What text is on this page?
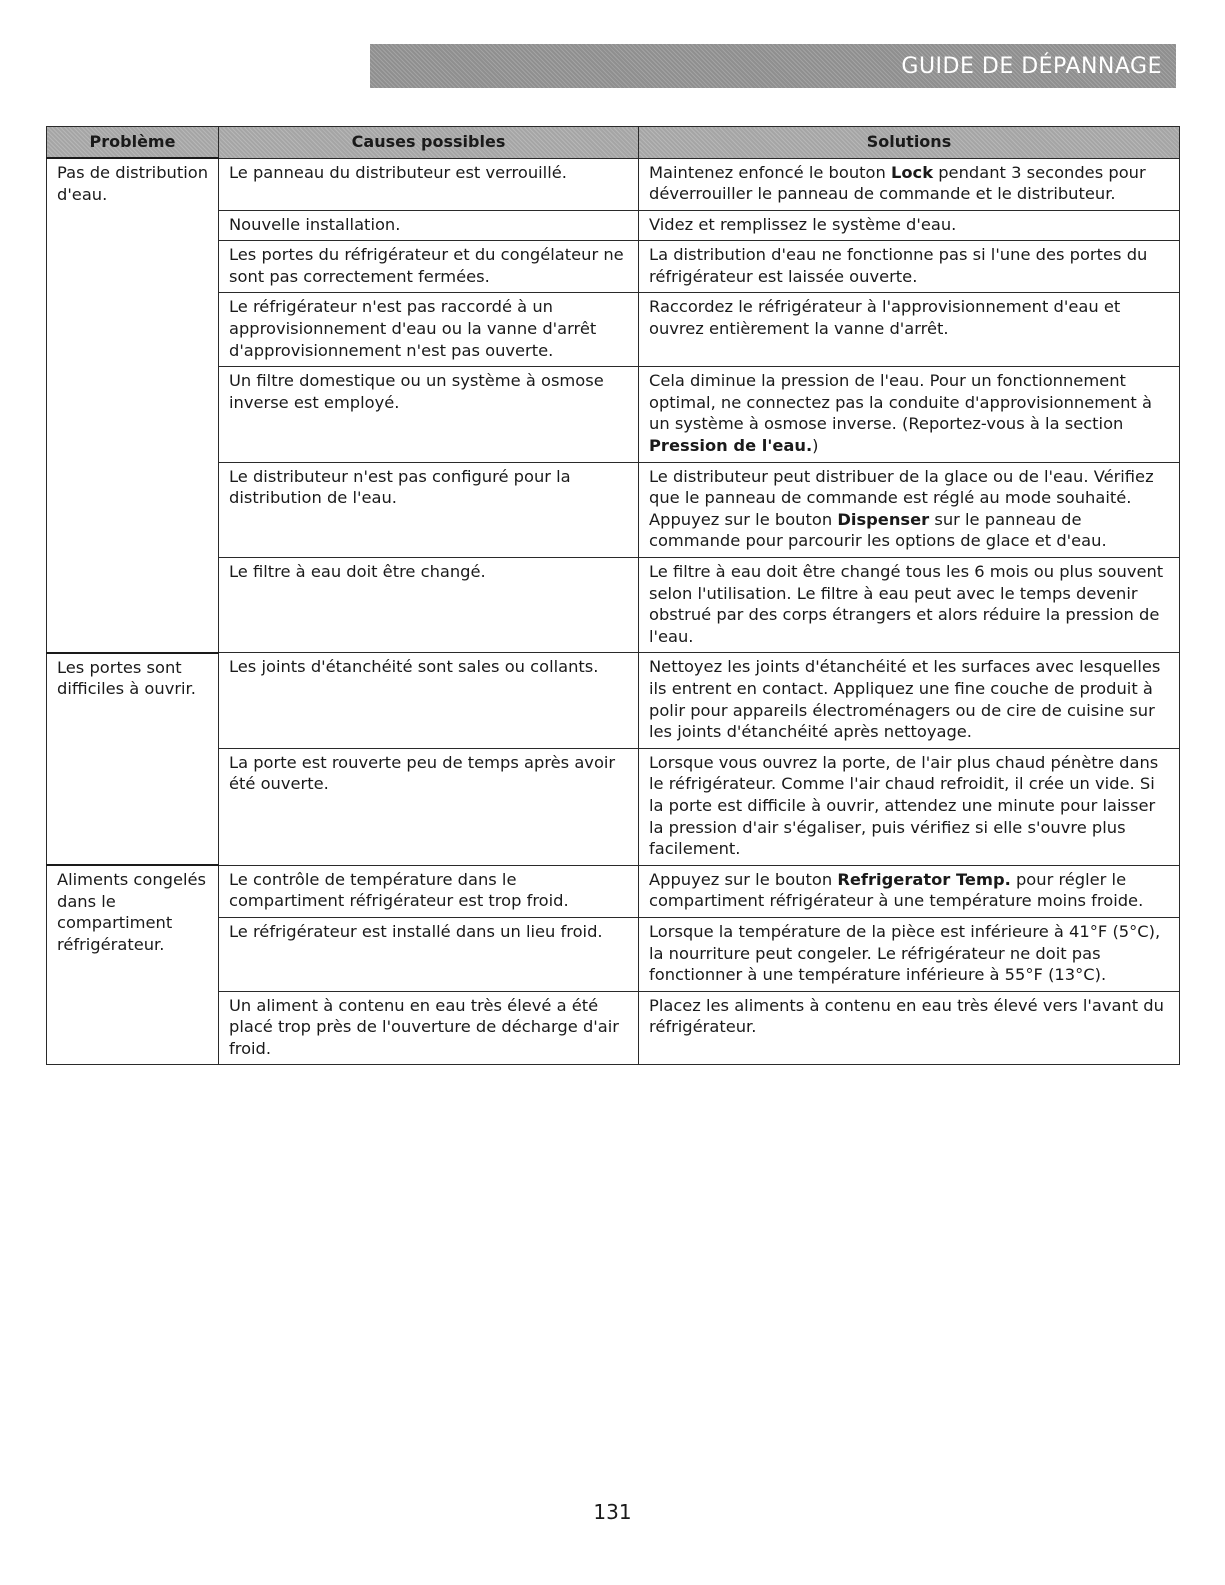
GUIDE DE DÉPANNAGE
Problème	Causes possibles	Solutions
Pas de distribution d'eau.	Le panneau du distributeur est verrouillé.	Maintenez enfoncé le bouton Lock pendant 3 secondes pour déverrouiller le panneau de commande et le distributeur.
	Nouvelle installation.	Videz et remplissez le système d'eau.
	Les portes du réfrigérateur et du congélateur ne sont pas correctement fermées.	La distribution d'eau ne fonctionne pas si l'une des portes du réfrigérateur est laissée ouverte.
	Le réfrigérateur n'est pas raccordé à un approvisionnement d'eau ou la vanne d'arrêt d'approvisionnement n'est pas ouverte.	Raccordez le réfrigérateur à l'approvisionnement d'eau et ouvrez entièrement la vanne d'arrêt.
	Un filtre domestique ou un système à osmose inverse est employé.	Cela diminue la pression de l'eau. Pour un fonctionnement optimal, ne connectez pas la conduite d'approvisionnement à un système à osmose inverse. (Reportez-vous à la section Pression de l'eau.)
	Le distributeur n'est pas configuré pour la distribution de l'eau.	Le distributeur peut distribuer de la glace ou de l'eau. Vérifiez que le panneau de commande est réglé au mode souhaité. Appuyez sur le bouton Dispenser sur le panneau de commande pour parcourir les options de glace et d'eau.
	Le filtre à eau doit être changé.	Le filtre à eau doit être changé tous les 6 mois ou plus souvent selon l'utilisation. Le filtre à eau peut avec le temps devenir obstrué par des corps étrangers et alors réduire la pression de l'eau.
Les portes sont difficiles à ouvrir.	Les joints d'étanchéité sont sales ou collants.	Nettoyez les joints d'étanchéité et les surfaces avec lesquelles ils entrent en contact. Appliquez une fine couche de produit à polir pour appareils électroménagers ou de cire de cuisine sur les joints d'étanchéité après nettoyage.
	La porte est rouverte peu de temps après avoir été ouverte.	Lorsque vous ouvrez la porte, de l'air plus chaud pénètre dans le réfrigérateur. Comme l'air chaud refroidit, il crée un vide. Si la porte est difficile à ouvrir, attendez une minute pour laisser la pression d'air s'égaliser, puis vérifiez si elle s'ouvre plus facilement.
Aliments congelés dans le compartiment réfrigérateur.	Le contrôle de température dans le compartiment réfrigérateur est trop froid.	Appuyez sur le bouton Refrigerator Temp. pour régler le compartiment réfrigérateur à une température moins froide.
	Le réfrigérateur est installé dans un lieu froid.	Lorsque la température de la pièce est inférieure à 41°F (5°C), la nourriture peut congeler. Le réfrigérateur ne doit pas fonctionner à une température inférieure à 55°F (13°C).
	Un aliment à contenu en eau très élevé a été placé trop près de l'ouverture de décharge d'air froid.	Placez les aliments à contenu en eau très élevé vers l'avant du réfrigérateur.
131
